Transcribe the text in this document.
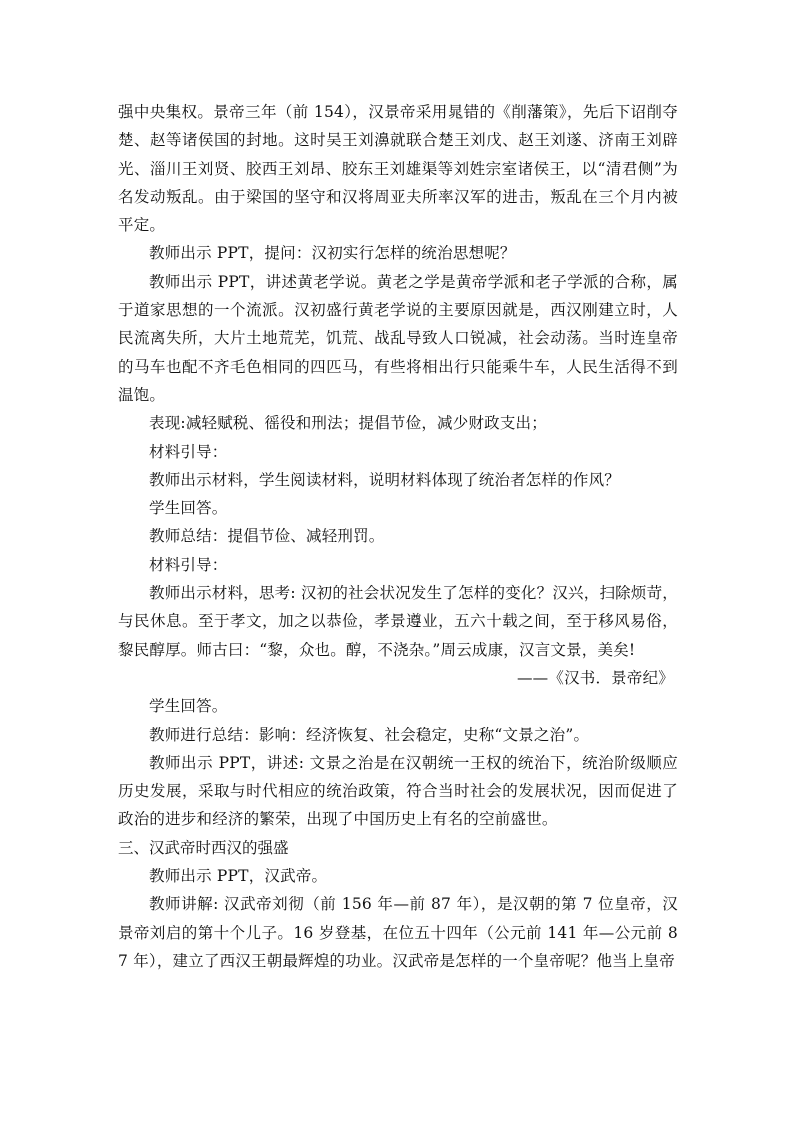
强中央集权。景帝三年（前 154），汉景帝采用晁错的《削藩策》，先后下诏削夺楚、赵等诸侯国的封地。这时吴王刘濞就联合楚王刘戊、赵王刘遂、济南王刘辟光、淄川王刘贤、胶西王刘昂、胶东王刘雄渠等刘姓宗室诸侯王，以“清君侧”为名发动叛乱。由于梁国的坚守和汉将周亚夫所率汉军的进击，叛乱在三个月内被平定。

教师出示 PPT，提问：汉初实行怎样的统治思想呢？

教师出示 PPT，讲述黄老学说。黄老之学是黄帝学派和老子学派的合称，属于道家思想的一个流派。汉初盛行黄老学说的主要原因就是，西汉刚建立时，人民流离失所，大片土地荒芜，饥荒、战乱导致人口锐减，社会动荡。当时连皇帝的马车也配不齐毛色相同的四匹马，有些将相出行只能乘牛车，人民生活得不到温饱。

表现:减轻赋税、徭役和刑法；提倡节俭，减少财政支出；

材料引导：

教师出示材料，学生阅读材料，说明材料体现了统治者怎样的作风？

学生回答。

教师总结：提倡节俭、减轻刑罚。

材料引导：

教师出示材料，思考: 汉初的社会状况发生了怎样的变化？汉兴，扫除烦苛，与民休息。至于孝文，加之以恭俭，孝景遵业，五六十载之间，至于移风易俗，黎民醇厚。师古曰：“黎，众也。醇，不浇杂。”周云成康，汉言文景，美矣!

——《汉书．景帝纪》

学生回答。

教师进行总结：影响：经济恢复、社会稳定，史称“文景之治”。

教师出示 PPT，讲述: 文景之治是在汉朝统一王权的统治下，统治阶级顺应历史发展，采取与时代相应的统治政策，符合当时社会的发展状况，因而促进了政治的进步和经济的繁荣，出现了中国历史上有名的空前盛世。

三、汉武帝时西汉的强盛

教师出示 PPT，汉武帝。

教师讲解: 汉武帝刘彻（前 156 年—前 87 年），是汉朝的第 7 位皇帝，汉景帝刘启的第十个儿子。16 岁登基，在位五十四年（公元前 141 年—公元前 87 年），建立了西汉王朝最辉煌的功业。汉武帝是怎样的一个皇帝呢？他当上皇帝
